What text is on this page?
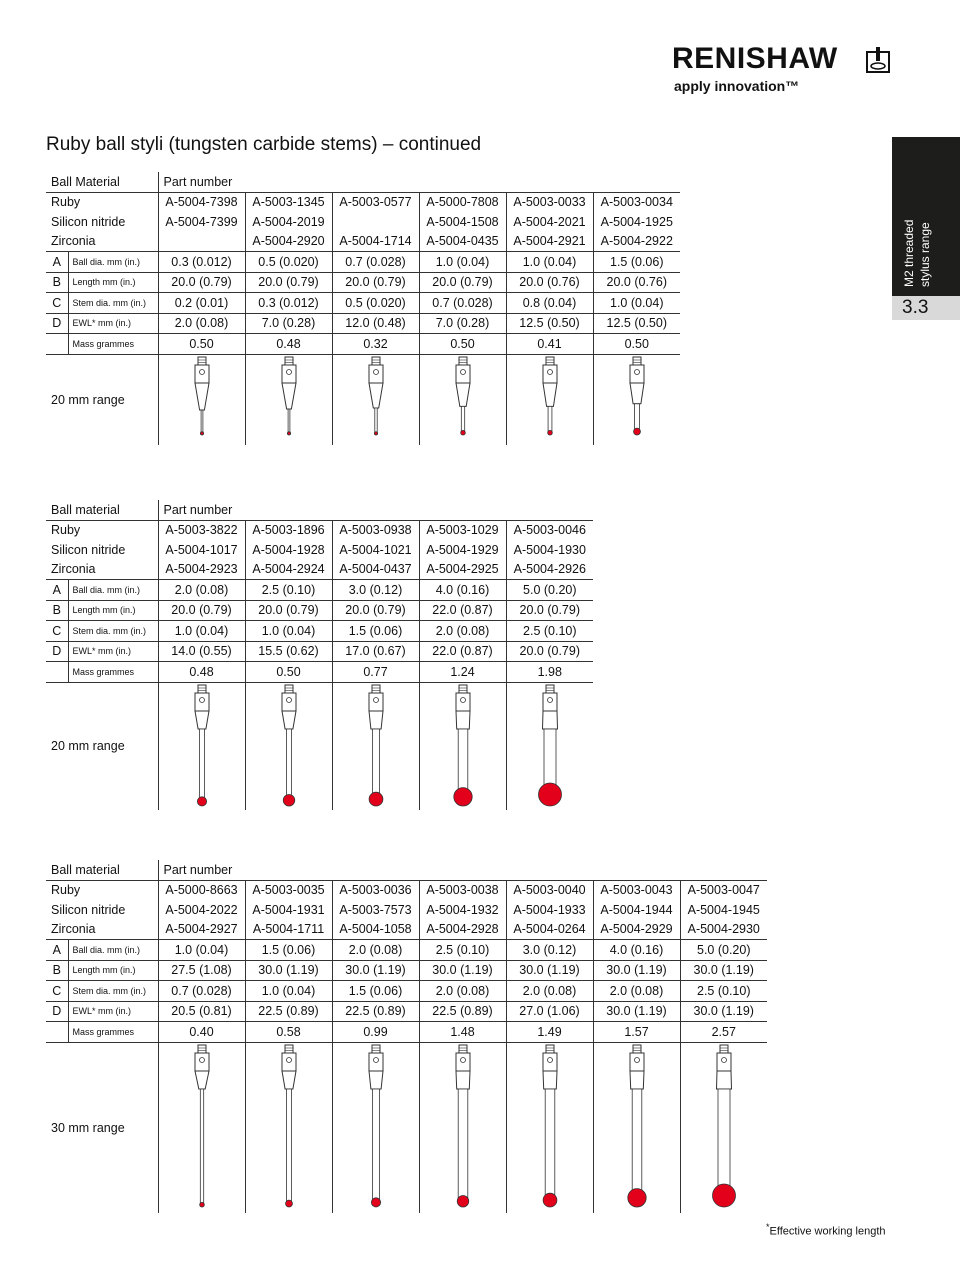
RENISHAW
apply innovation™
Ruby ball styli (tungsten carbide stems) – continued
M2 threaded stylus range
3.3
Ball Material		Part number					
Ruby		A-5004-7398	A-5003-1345	A-5003-0577	A-5000-7808	A-5003-0033	A-5003-0034
Silicon nitride		A-5004-7399	A-5004-2019		A-5004-1508	A-5004-2021	A-5004-1925
Zirconia			A-5004-2920	A-5004-1714	A-5004-0435	A-5004-2921	A-5004-2922
A	Ball dia. mm (in.)	0.3 (0.012)	0.5 (0.020)	0.7 (0.028)	1.0 (0.04)	1.0 (0.04)	1.5 (0.06)
B	Length mm (in.)	20.0 (0.79)	20.0 (0.79)	20.0 (0.79)	20.0 (0.79)	20.0 (0.76)	20.0 (0.76)
C	Stem dia. mm (in.)	0.2 (0.01)	0.3 (0.012)	0.5 (0.020)	0.7 (0.028)	0.8 (0.04)	1.0 (0.04)
D	EWL* mm (in.)	2.0 (0.08)	7.0 (0.28)	12.0 (0.48)	7.0 (0.28)	12.5 (0.50)	12.5 (0.50)
	Mass grammes	0.50	0.48	0.32	0.50	0.41	0.50
20 mm range	

Ball material		Part number				
Ruby		A-5003-3822	A-5003-1896	A-5003-0938	A-5003-1029	A-5003-0046
Silicon nitride		A-5004-1017	A-5004-1928	A-5004-1021	A-5004-1929	A-5004-1930
Zirconia		A-5004-2923	A-5004-2924	A-5004-0437	A-5004-2925	A-5004-2926
A	Ball dia. mm (in.)	2.0 (0.08)	2.5 (0.10)	3.0 (0.12)	4.0 (0.16)	5.0 (0.20)
B	Length mm (in.)	20.0 (0.79)	20.0 (0.79)	20.0 (0.79)	22.0 (0.87)	20.0 (0.79)
C	Stem dia. mm (in.)	1.0 (0.04)	1.0 (0.04)	1.5 (0.06)	2.0 (0.08)	2.5 (0.10)
D	EWL* mm (in.)	14.0 (0.55)	15.5 (0.62)	17.0 (0.67)	22.0 (0.87)	20.0 (0.79)
	Mass grammes	0.48	0.50	0.77	1.24	1.98
20 mm range	

Ball material		Part number						
Ruby		A-5000-8663	A-5003-0035	A-5003-0036	A-5003-0038	A-5003-0040	A-5003-0043	A-5003-0047
Silicon nitride		A-5004-2022	A-5004-1931	A-5003-7573	A-5004-1932	A-5004-1933	A-5004-1944	A-5004-1945
Zirconia		A-5004-2927	A-5004-1711	A-5004-1058	A-5004-2928	A-5004-0264	A-5004-2929	A-5004-2930
A	Ball dia. mm (in.)	1.0 (0.04)	1.5 (0.06)	2.0 (0.08)	2.5 (0.10)	3.0 (0.12)	4.0 (0.16)	5.0 (0.20)
B	Length mm (in.)	27.5 (1.08)	30.0 (1.19)	30.0 (1.19)	30.0 (1.19)	30.0 (1.19)	30.0 (1.19)	30.0 (1.19)
C	Stem dia. mm (in.)	0.7 (0.028)	1.0 (0.04)	1.5 (0.06)	2.0 (0.08)	2.0 (0.08)	2.0 (0.08)	2.5 (0.10)
D	EWL* mm (in.)	20.5 (0.81)	22.5 (0.89)	22.5 (0.89)	22.5 (0.89)	27.0 (1.06)	30.0 (1.19)	30.0 (1.19)
	Mass grammes	0.40	0.58	0.99	1.48	1.49	1.57	2.57
30 mm range	

*Effective working length
